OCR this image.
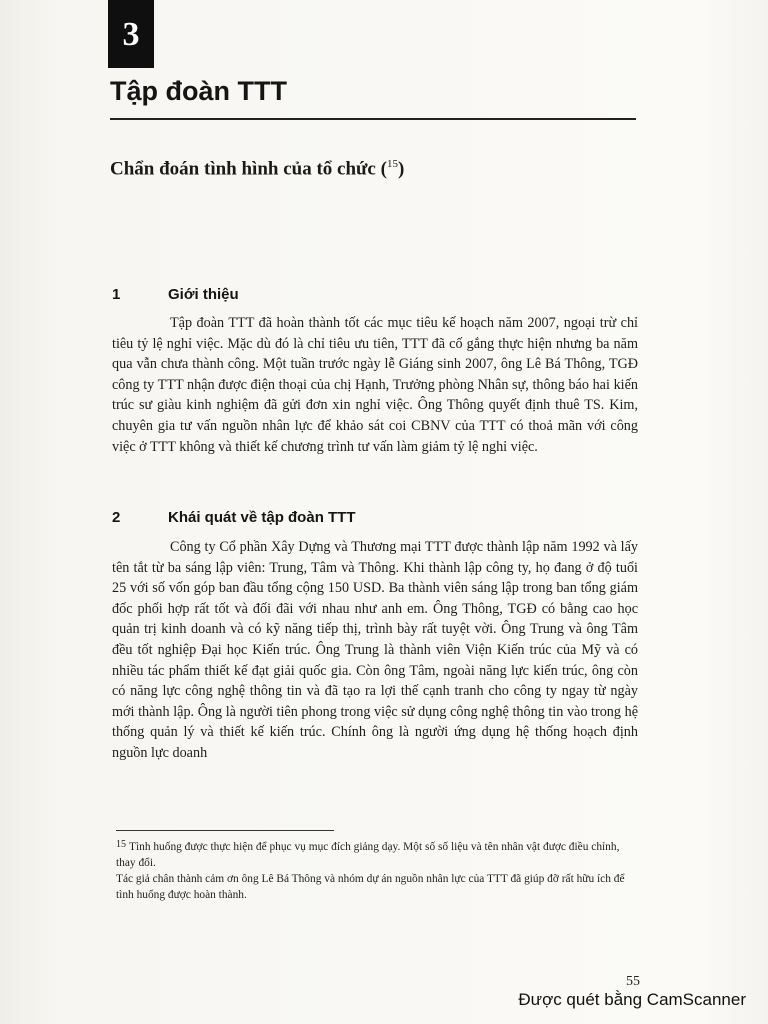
3
Tập đoàn TTT
Chẩn đoán tình hình của tổ chức ($^{15}$)
1	Giới thiệu

Tập đoàn TTT đã hoàn thành tốt các mục tiêu kế hoạch năm 2007, ngoại trừ chỉ tiêu tỷ lệ nghỉ việc. Mặc dù đó là chỉ tiêu ưu tiên, TTT đã cố gắng thực hiện nhưng ba năm qua vẫn chưa thành công. Một tuần trước ngày lễ Giáng sinh 2007, ông Lê Bá Thông, TGĐ công ty TTT nhận được điện thoại của chị Hạnh, Trưởng phòng Nhân sự, thông báo hai kiến trúc sư giàu kinh nghiệm đã gửi đơn xin nghỉ việc. Ông Thông quyết định thuê TS. Kim, chuyên gia tư vấn nguồn nhân lực để khảo sát coi CBNV của TTT có thoả mãn với công việc ở TTT không và thiết kế chương trình tư vấn làm giảm tỷ lệ nghỉ việc.

2	Khái quát về tập đoàn TTT

Công ty Cổ phần Xây Dựng và Thương mại TTT được thành lập năm 1992 và lấy tên tắt từ ba sáng lập viên: Trung, Tâm và Thông. Khi thành lập công ty, họ đang ở độ tuổi 25 với số vốn góp ban đầu tổng cộng 150 USD. Ba thành viên sáng lập trong ban tổng giám đốc phối hợp rất tốt và đối đãi với nhau như anh em. Ông Thông, TGĐ có bằng cao học quản trị kinh doanh và có kỹ năng tiếp thị, trình bày rất tuyệt vời. Ông Trung và ông Tâm đều tốt nghiệp Đại học Kiến trúc. Ông Trung là thành viên Viện Kiến trúc của Mỹ và có nhiều tác phẩm thiết kế đạt giải quốc gia. Còn ông Tâm, ngoài năng lực kiến trúc, ông còn có năng lực công nghệ thông tin và đã tạo ra lợi thế cạnh tranh cho công ty ngay từ ngày mới thành lập. Ông là người tiên phong trong việc sử dụng công nghệ thông tin vào trong hệ thống quản lý và thiết kế kiến trúc. Chính ông là người ứng dụng hệ thống hoạch định nguồn lực doanh

15 Tình huống được thực hiện để phục vụ mục đích giảng dạy. Một số số liệu và tên nhân vật được điều chỉnh, thay đổi.

Tác giả chân thành cảm ơn ông Lê Bá Thông và nhóm dự án nguồn nhân lực của TTT đã giúp đỡ rất hữu ích để tình huống được hoàn thành.

55
Được quét bằng CamScanner
